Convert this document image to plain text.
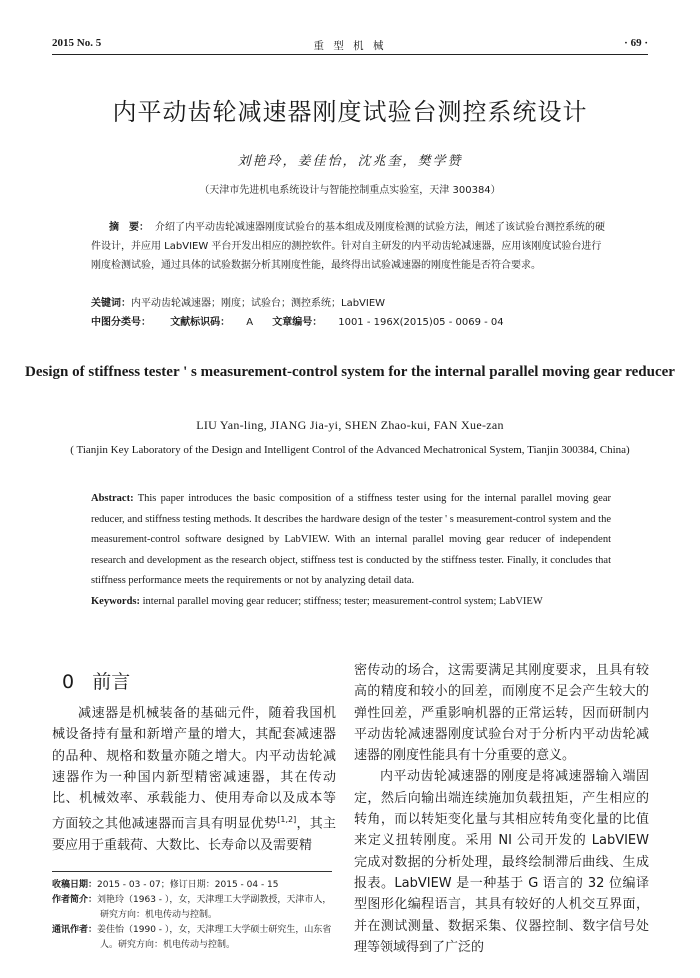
2015 No. 5	重 型 机 械	· 69 ·
内平动齿轮减速器刚度试验台测控系统设计
刘艳玲，姜佳怡，沈兆奎，樊学赞
（天津市先进机电系统设计与智能控制重点实验室，天津 300384）
摘　要： 介绍了内平动齿轮减速器刚度试验台的基本组成及刚度检测的试验方法，阐述了该试验台测控系统的硬件设计，并应用 LabVIEW 平台开发出相应的测控软件。针对自主研发的内平动齿轮减速器，应用该刚度试验台进行刚度检测试验，通过具体的试验数据分析其刚度性能，最终得出试验减速器的刚度性能是否符合要求。
关键词：内平动齿轮减速器；刚度；试验台；测控系统；LabVIEW
中图分类号： 文献标识码： A 文章编号： 1001 - 196X(2015)05 - 0069 - 04
Design of stiffness tester ' s measurement-control system for the internal parallel moving gear reducer
LIU Yan-ling, JIANG Jia-yi, SHEN Zhao-kui, FAN Xue-zan
( Tianjin Key Laboratory of the Design and Intelligent Control of the Advanced Mechatronical System, Tianjin 300384, China)
Abstract: This paper introduces the basic composition of a stiffness tester using for the internal parallel moving gear reducer, and stiffness testing methods. It describes the hardware design of the tester ' s measurement-control system and the measurement-control software designed by LabVIEW. With an internal parallel moving gear reducer of independent research and development as the research object, stiffness test is conducted by the stiffness tester. Finally, it concludes that stiffness performance meets the requirements or not by analyzing detail data.
Keywords: internal parallel moving gear reducer; stiffness; tester; measurement-control system; LabVIEW
0 前言

减速器是机械装备的基础元件，随着我国机械设备持有量和新增产量的增大，其配套减速器的品种、规格和数量亦随之增大。内平动齿轮减速器作为一种国内新型精密减速器，其在传动比、机械效率、承载能力、使用寿命以及成本等方面较之其他减速器而言具有明显优势[1,2]，其主要应用于重载荷、大数比、长寿命以及需要精

密传动的场合，这需要满足其刚度要求，且具有较高的精度和较小的回差，而刚度不足会产生较大的弹性回差，严重影响机器的正常运转，因而研制内平动齿轮减速器刚度试验台对于分析内平动齿轮减速器的刚度性能具有十分重要的意义。

内平动齿轮减速器的刚度是将减速器输入端固定，然后向输出端连续施加负载扭矩，产生相应的转角，而以转矩变化量与其相应转角变化量的比值来定义扭转刚度。采用 NI 公司开发的 LabVIEW 完成对数据的分析处理，最终绘制滞后曲线、生成报表。LabVIEW 是一种基于 G 语言的 32 位编译型图形化编程语言，其具有较好的人机交互界面，并在测试测量、数据采集、仪器控制、数字信号处理等领域得到了广泛的

收稿日期：2015 - 03 - 07；修订日期：2015 - 04 - 15
作者简介：刘艳玲（1963 - ），女，天津理工大学副教授，天津市人，研究方向：机电传动与控制。
通讯作者：姜佳怡（1990 - ），女，天津理工大学硕士研究生，山东省人。研究方向：机电传动与控制。
